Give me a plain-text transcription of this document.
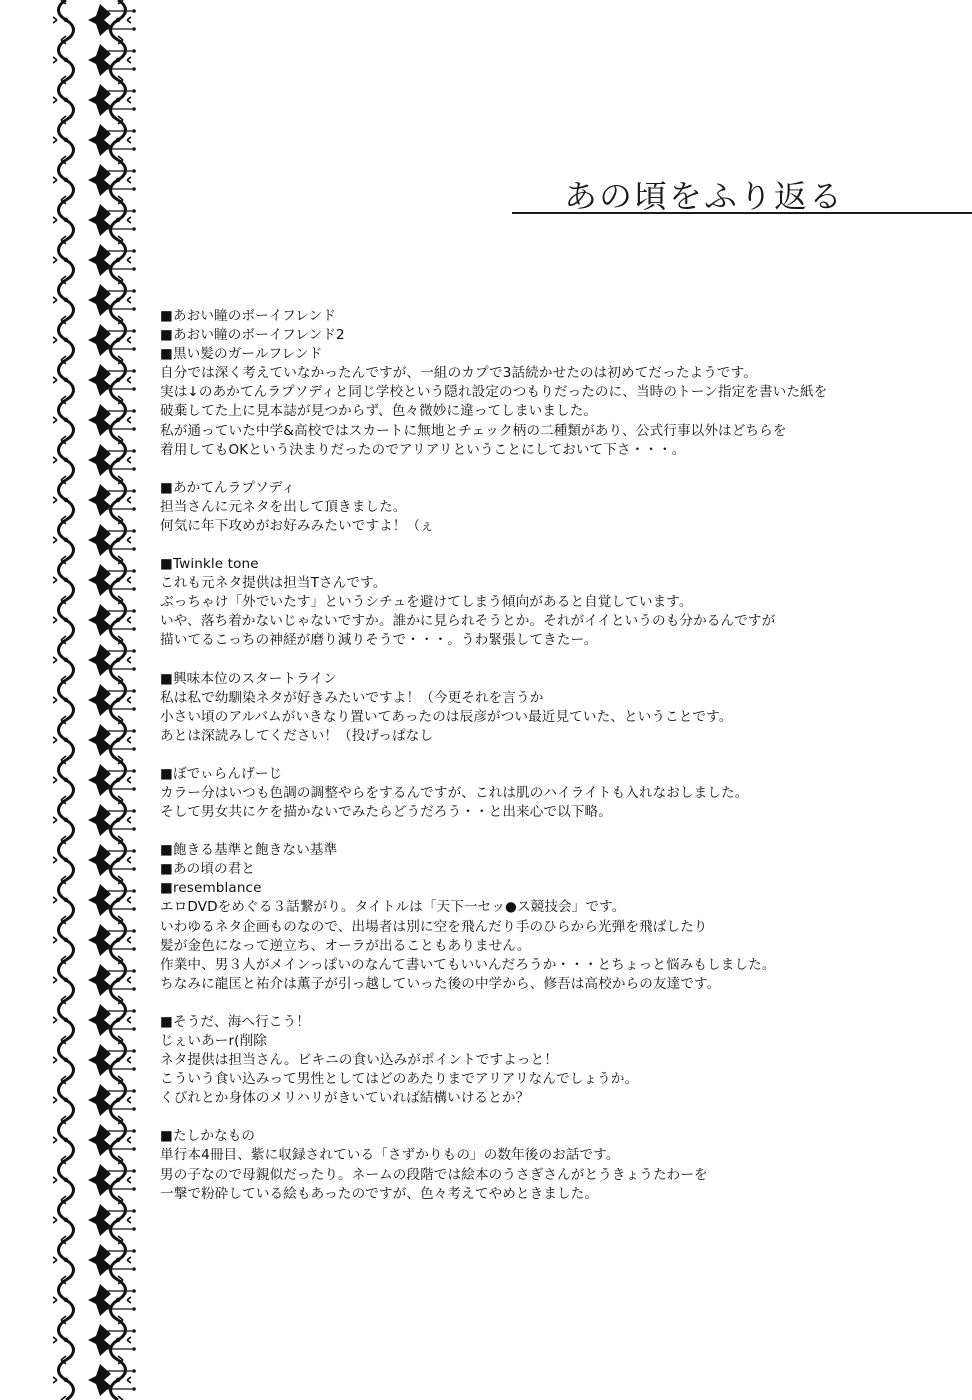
あの頃をふり返る
■ あおい瞳のボーイフレンド
■ あおい瞳のボーイフレンド2
■ 黒い髪のガールフレンド
自分では深く考えていなかったんですが、一組のカプで3話続かせたのは初めてだったようです。
実は↓のあかてんラプソディと同じ学校という隠れ設定のつもりだったのに、当時のトーン指定を書いた紙を
破棄してた上に見本誌が見つからず、色々微妙に違ってしまいました。
私が通っていた中学&高校ではスカートに無地とチェック柄の二種類があり、公式行事以外はどちらを
着用してもOKという決まりだったのでアリアリということにしておいて下さ・・・。
■ あかてんラプソディ
担当さんに元ネタを出して頂きました。
何気に年下攻めがお好みみたいですよ！（ぇ
■ Twinkle tone
これも元ネタ提供は担当Tさんです。
ぶっちゃけ「外でいたす」というシチュを避けてしまう傾向があると自覚しています。
いや、落ち着かないじゃないですか。誰かに見られそうとか。それがイイというのも分かるんですが
描いてるこっちの神経が磨り減りそうで・・・。うわ緊張してきたー。
■ 興味本位のスタートライン
私は私で幼馴染ネタが好きみたいですよ！（今更それを言うか
小さい頃のアルバムがいきなり置いてあったのは辰彦がつい最近見ていた、ということです。
あとは深読みしてください！（投げっぱなし
■ ぼでぃらんげーじ
カラー分はいつも色調の調整やらをするんですが、これは肌のハイライトも入れなおしました。
そして男女共にケを描かないでみたらどうだろう・・と出来心で以下略。
■ 飽きる基準と飽きない基準
■ あの頃の君と
■ resemblance
エロDVDをめぐる３話繋がり。タイトルは「天下一セッ●ス競技会」です。
いわゆるネタ企画ものなので、出場者は別に空を飛んだり手のひらから光弾を飛ばしたり
髪が金色になって逆立ち、オーラが出ることもありません。
作業中、男３人がメインっぽいのなんて書いてもいいんだろうか・・・とちょっと悩みもしました。
ちなみに龍匡と祐介は薫子が引っ越していった後の中学から、修吾は高校からの友達です。
■ そうだ、海へ行こう！
じぇいあーr(削除
ネタ提供は担当さん。ビキニの食い込みがポイントですよっと！
こういう食い込みって男性としてはどのあたりまでアリアリなんでしょうか。
くびれとか身体のメリハリがきいていれば結構いけるとか？
■ たしかなもの
単行本4冊目、紫に収録されている「さずかりもの」の数年後のお話です。
男の子なので母親似だったり。ネームの段階では絵本のうさぎさんがとうきょうたわーを
一撃で粉砕している絵もあったのですが、色々考えてやめときました。
